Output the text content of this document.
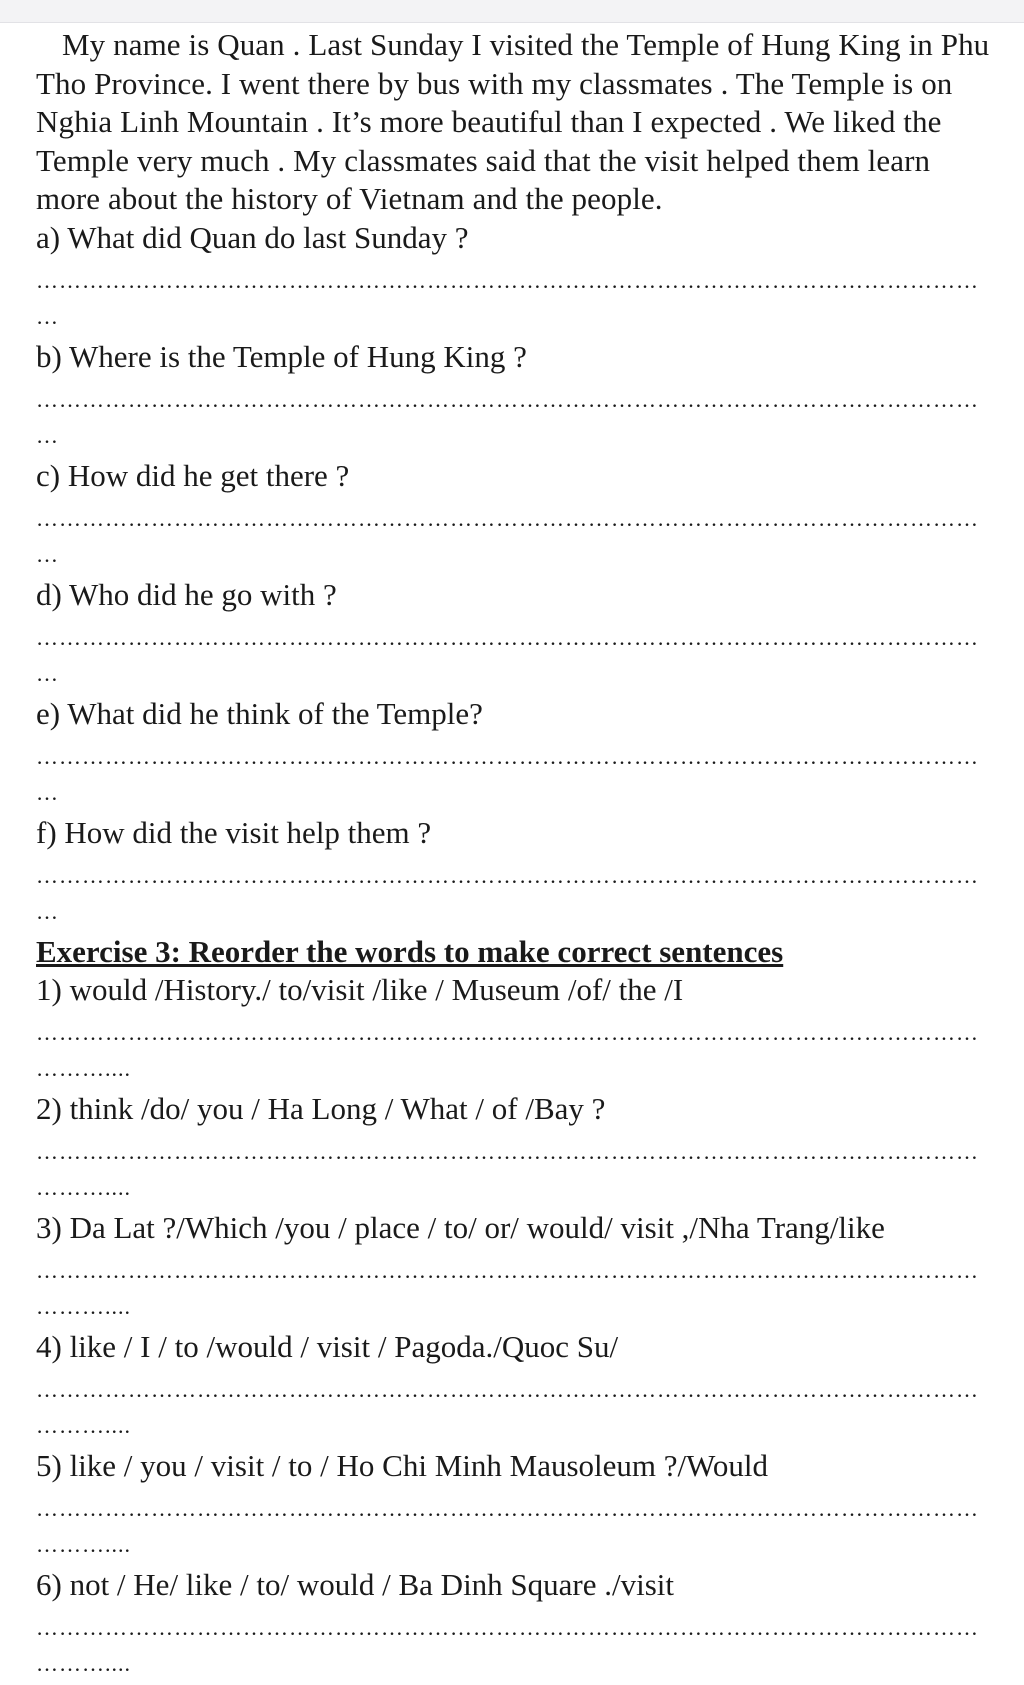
My name is Quan . Last Sunday I visited the Temple of Hung King in Phu Tho Province. I went there by bus with my classmates . The Temple is on Nghia Linh Mountain . It’s more beautiful than I expected . We liked the Temple very much . My classmates said that the visit helped them learn more about the history of Vietnam and the people.

a) What did Quan do last Sunday ?

……………………………………………………………………………………………………………
…

b) Where is the Temple of Hung King ?

……………………………………………………………………………………………………………
…

c) How did he get there ?

……………………………………………………………………………………………………………
…

d) Who did he go with ?

……………………………………………………………………………………………………………
…

e) What did he think of the Temple?

……………………………………………………………………………………………………………
…

f) How did the visit help them ?

……………………………………………………………………………………………………………
…

Exercise 3: Reorder the words to make correct sentences

1) would /History./ to/visit /like / Museum /of/ the /I

……………………………………………………………………………………………………………
………....

2) think /do/ you / Ha Long / What / of /Bay ?

……………………………………………………………………………………………………………
………....

3) Da Lat ?/Which /you / place / to/ or/ would/ visit ,/Nha Trang/like

……………………………………………………………………………………………………………
………....

4) like / I / to /would / visit / Pagoda./Quoc Su/

……………………………………………………………………………………………………………
………....

5) like / you / visit / to / Ho Chi Minh Mausoleum ?/Would

……………………………………………………………………………………………………………
………....

6) not / He/ like / to/ would / Ba Dinh Square ./visit

……………………………………………………………………………………………………………
………....
